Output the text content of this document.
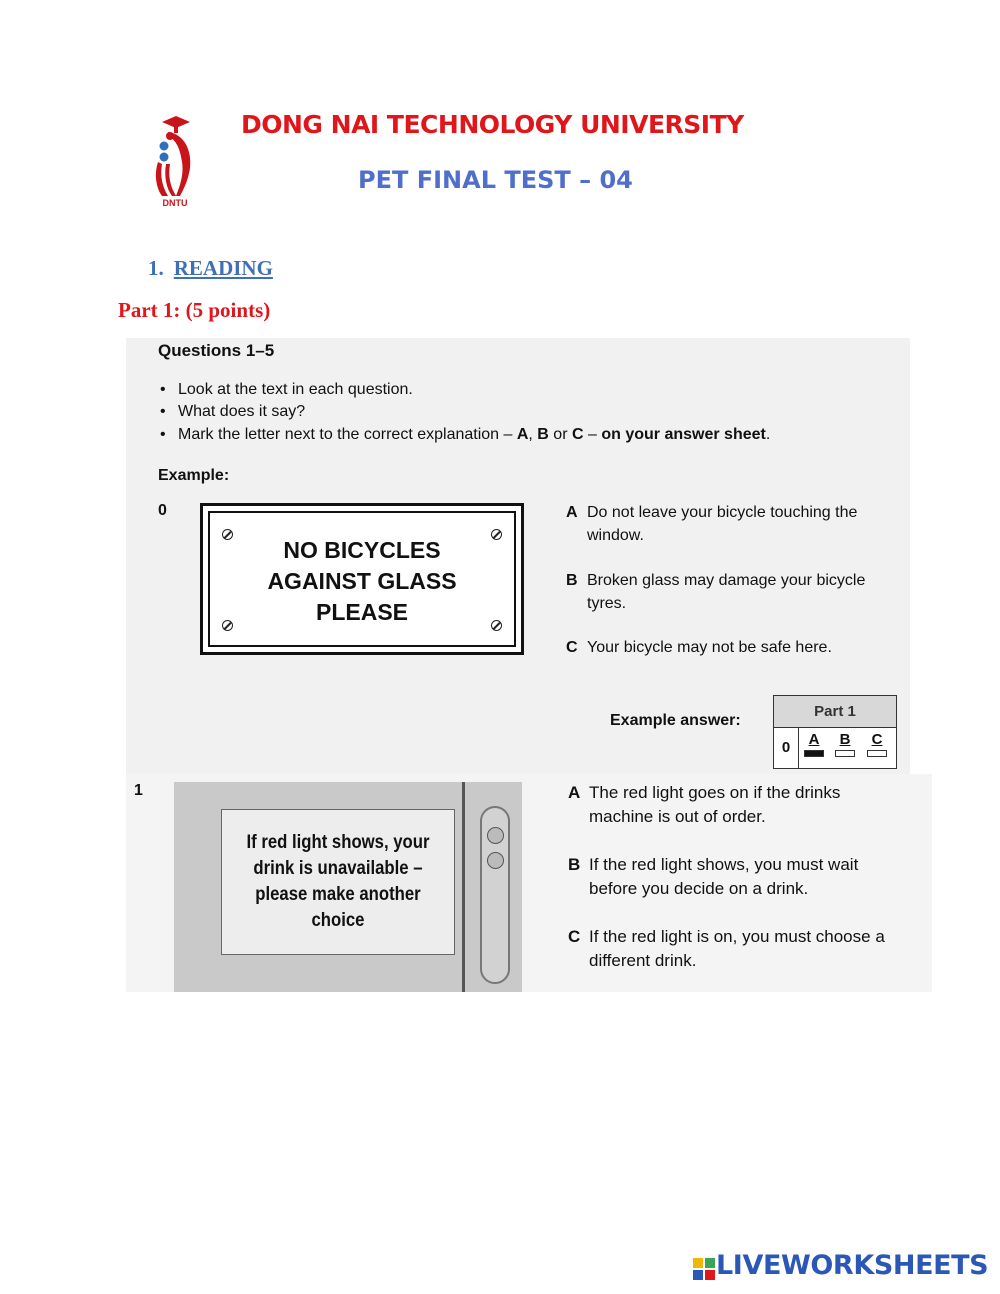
DNTU
DONG NAI TECHNOLOGY UNIVERSITY
PET FINAL TEST – 04
1. READING
Part 1: (5 points)
Questions 1–5
• Look at the text in each question.
• What does it say?
• Mark the letter next to the correct explanation – A, B or C – on your answer sheet.
Example:
0
NO BICYCLES
AGAINST GLASS
PLEASE
A Do not leave your bicycle touching the
window.
B Broken glass may damage your bicycle
tyres.
C Your bicycle may not be safe here.
Example answer:
Part 1
0	A	B	C
1
If red light shows, your
drink is unavailable –
please make another
choice
A The red light goes on if the drinks
machine is out of order.
B If the red light shows, you must wait
before you decide on a drink.
C If the red light is on, you must choose a
different drink.
LIVEWORKSHEETS
